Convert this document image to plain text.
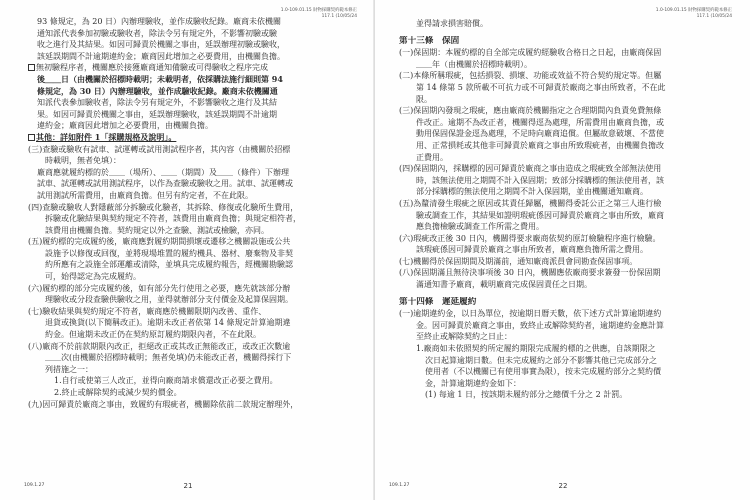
1.0-109.01.15 財物採購契約範本修正
117.1 (10/05/24
93 條規定，為 20 日）內辦理驗收，並作成驗收紀錄。廠商未依機關
通知派代表參加初驗或驗收者，除法令另有規定外，不影響初驗或驗
收之進行及其結果。如因可歸責於機關之事由，延誤辦理初驗或驗收，
該延誤期間不計逾期違約金；廠商因此增加之必要費用，由機關負擔。
無初驗程序者，機關應於接獲廠商通知備驗或可得驗收之程序完成
後＿＿日（由機關於招標時載明；未載明者，依採購法施行細則第 94
條規定，為 30 日）內辦理驗收，並作成驗收紀錄。廠商未依機關通
知派代表參加驗收者，除法令另有規定外，不影響驗收之進行及其結
果。如因可歸責於機關之事由，延誤辦理驗收，該延誤期間不計逾期
違約金；廠商因此增加之必要費用，由機關負擔。
其他：詳如附件 1「採購規格及說明」。
(三)查驗或驗收有試車、試運轉或試用測試程序者，其內容（由機關於招標
時載明，無者免填）：
廠商應就履約標的於＿＿（場所）、＿＿（期間）及＿＿（條件）下辦理
試車、試運轉或試用測試程序，以作為查驗或驗收之用。試車、試運轉或
試用測試所需費用，由廠商負擔。但另有約定者，不在此限。
(四)查驗或驗收人對隱蔽部分拆驗或化驗者，其拆除、修復或化驗所生費用，
拆驗或化驗結果與契約規定不符者，該費用由廠商負擔；與規定相符者，
該費用由機關負擔。契約規定以外之查驗、測試或檢驗，亦同。
(五)履約標的完成履約後，廠商應對履約期間損壞或遷移之機關設施或公共
設施予以修復或回復，並將現場堆置的履約機具、器材、廢棄物及非契
約所應有之設施全部運離或清除，並填具完成履約報告，經機關勘驗認
可，始得認定為完成履約。
(六)履約標的部分完成履約後，如有部分先行使用之必要，應先就該部分辦
理驗收或分段查驗供驗收之用，並得就辦部分支付價金及起算保固期。
(七)驗收結果與契約規定不符者，廠商應於機關限期內改善、重作、
退貨或換貨(以下簡稱改正)。逾期未改正者依第 14 條規定計算逾期違
約金。但逾期未改正仍在契約原訂履約期限內者，不在此限。
(八)廠商不於前款期限內改正，拒絕改正或其改正無能改正，或改正次數逾
＿＿次(由機關於招標時載明；無者免填)仍未能改正者，機關得採行下
列措施之一：
1.自行或使第三人改正，並得向廠商請求償還改正必要之費用。
2.終止或解除契約或減少契約價金。
(九)因可歸責於廠商之事由，致履約有瑕疵者，機關除依前二款規定辦理外，
109.1.27	21
1.0-109.01.15 財物採購契約範本修正
117.1 (10/05/24
並得請求損害賠償。
第十三條　保固
(一)保固期：本履約標的自全部完成履約經驗收合格日之日起，由廠商保固
＿＿年（由機關於招標時載明）。
(二)本條所稱瑕疵，包括損裂、損壞、功能或效益不符合契約規定等。但屬
第 14 條第 5 款所載不可抗力或不可歸責於廠商之事由所致者，不在此
限。
(三)保固期內發現之瑕疵，應由廠商於機關指定之合理期間內負責免費無條
件改正。逾期不為改正者，機關得逕為處理，所需費用由廠商負擔，或
動用保固保證金逕為處理，不足時向廠商追償。但屬故意破壞、不當使
用、正常損耗或其他非可歸責於廠商之事由所致瑕疵者，由機關負擔改
正費用。
(四)保固期內，採購標的因可歸責於廠商之事由造成之瑕疵致全部無法使用
時，該無法使用之期間不計入保固期；致部分採購標的無法使用者，該
部分採購標的無法使用之期間不計入保固期，並由機關通知廠商。
(五)為釐清發生瑕疵之原因或其責任歸屬，機關得委託公正之第三人進行檢
驗或調查工作，其結果如證明瑕疵係因可歸責於廠商之事由所致，廠商
應負擔檢驗或調查工作所需之費用。
(六)瑕疵改正後 30 日內，機關得要求廠商依契約原訂檢驗程序進行檢驗。
該瑕疵係因可歸責於廠商之事由所致者，廠商應負擔所需之費用。
(七)機關得於保固期間及期滿前，通知廠商派員會同勘查保固事項。
(八)保固期滿且無待決事項後 30 日內，機關應依廠商要求簽發一份保固期
滿通知書予廠商，載明廠商完成保固責任之日期。
第十四條　遲延履約
(一)逾期違約金，以日為單位，按逾期日曆天數，依下述方式計算逾期違約
金。因可歸責於廠商之事由，致終止或解除契約者，逾期違約金應計算
至終止或解除契約之日止：
1.廠商如未依照契約所定履約期限完成履約標的之供應，自該期限之
次日起算逾期日數。但未完成履約之部分不影響其他已完成部分之
使用者（不以機關已有使用事實為限），按未完成履約部分之契約價
金，計算逾期違約金如下：
(1) 每逾 1 日，按該期未履約部分之總價千分之 2 計罰。
109.1.27	22
